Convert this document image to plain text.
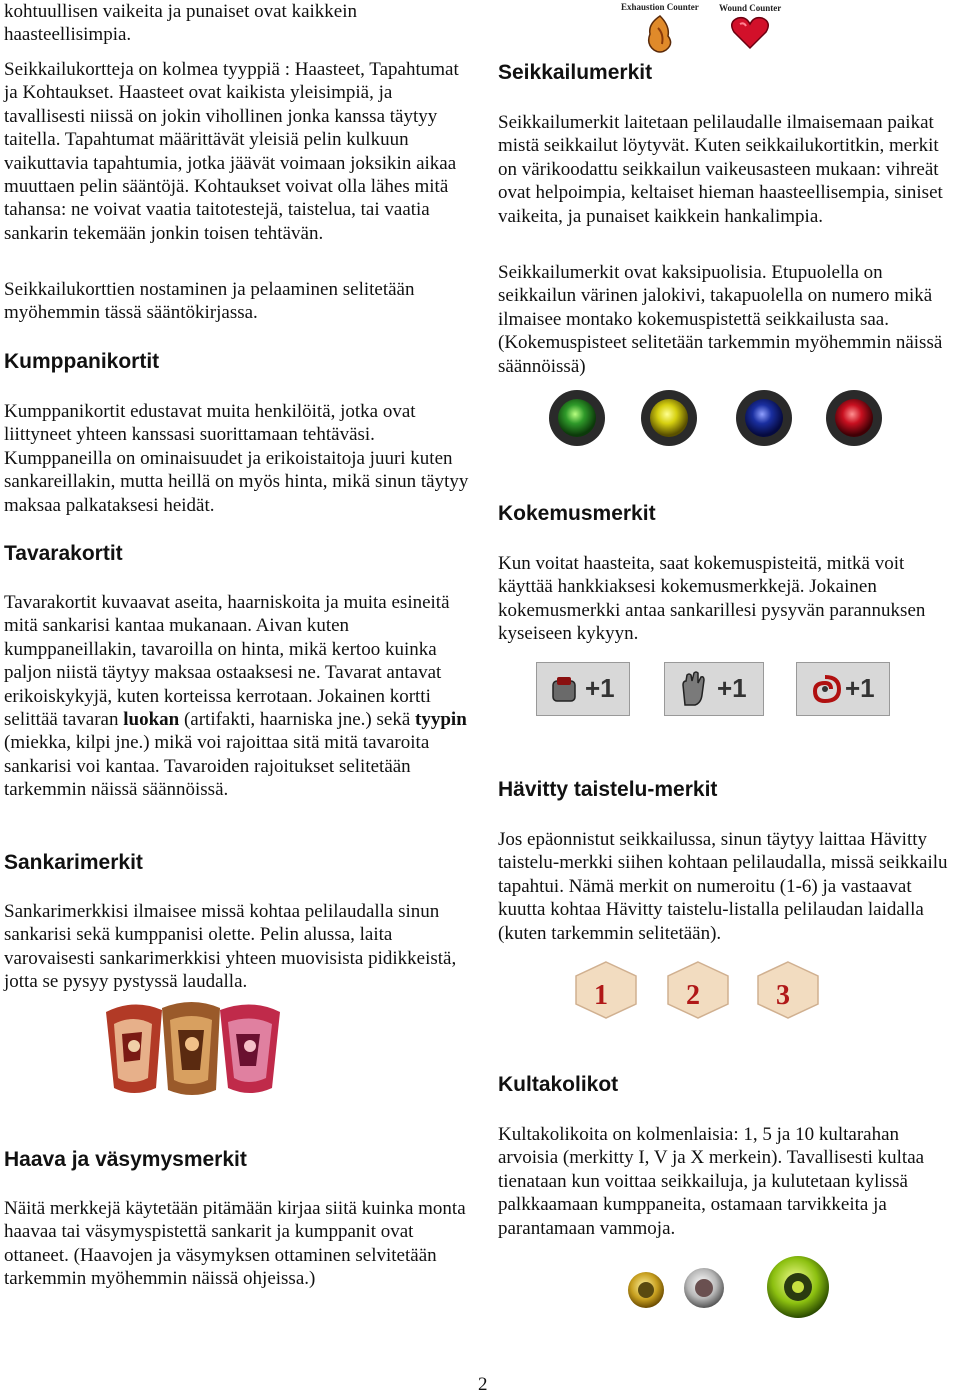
kohtuullisen vaikeita ja punaiset ovat kaikkein haasteellisimpia.

Seikkailukortteja on kolmea tyyppiä : Haasteet, Tapahtumat ja Kohtaukset. Haasteet ovat kaikista yleisimpiä, ja tavallisesti niissä on jokin vihollinen jonka kanssa täytyy taitella. Tapahtumat määrittävät yleisiä pelin kulkuun vaikuttavia tapahtumia, jotka jäävät voimaan joksikin aikaa muuttaen pelin sääntöjä. Kohtaukset voivat olla lähes mitä tahansa: ne voivat vaatia taitotestejä, taistelua, tai vaatia sankarin tekemään jonkin toisen tehtävän.

Seikkailukorttien nostaminen ja pelaaminen selitetään myöhemmin tässä sääntökirjassa.

Kumppanikortit

Kumppanikortit edustavat muita henkilöitä, jotka ovat liittyneet yhteen kanssasi suorittamaan tehtäväsi. Kumppaneilla on ominaisuudet ja erikoistaitoja juuri kuten sankareillakin, mutta heillä on myös hinta, mikä sinun täytyy maksaa palkataksesi heidät.

Tavarakortit

Tavarakortit kuvaavat aseita, haarniskoita ja muita esineitä mitä sankarisi kantaa mukanaan. Aivan kuten kumppaneillakin, tavaroilla on hinta, mikä kertoo kuinka paljon niistä täytyy maksaa ostaaksesi ne. Tavarat antavat erikoiskykyjä, kuten korteissa kerrotaan. Jokainen kortti selittää tavaran luokan (artifakti, haarniska jne.) sekä tyypin (miekka, kilpi jne.) mikä voi rajoittaa sitä mitä tavaroita sankarisi voi kantaa. Tavaroiden rajoitukset selitetään tarkemmin näissä säännöissä.

Sankarimerkit

Sankarimerkkisi ilmaisee missä kohtaa pelilaudalla sinun sankarisi sekä kumppanisi olette. Pelin alussa, laita varovaisesti sankarimerkkisi yhteen muovisista pidikkeistä, jotta se pysyy pystyssä laudalla.

Haava ja väsymysmerkit

Näitä merkkejä käytetään pitämään kirjaa siitä kuinka monta haavaa tai väsymyspistettä sankarit ja kumppanit ovat ottaneet. (Haavojen ja väsymyksen ottaminen selvitetään tarkemmin myöhemmin näissä ohjeissa.)

Exhaustion Counter Wound Counter
Seikkailumerkit

Seikkailumerkit laitetaan pelilaudalle ilmaisemaan paikat mistä seikkailut löytyvät. Kuten seikkailukortitkin, merkit on värikoodattu seikkailun vaikeusasteen mukaan: vihreät ovat helpoimpia, keltaiset hieman haasteellisempia, siniset vaikeita, ja punaiset kaikkein hankalimpia.

Seikkailumerkit ovat kaksipuolisia. Etupuolella on seikkailun värinen jalokivi, takapuolella on numero mikä ilmaisee montako kokemuspistettä seikkailusta saa. (Kokemuspisteet selitetään tarkemmin myöhemmin näissä säännöissä)

Kokemusmerkit

Kun voitat haasteita, saat kokemuspisteitä, mitkä voit käyttää hankkiaksesi kokemusmerkkejä. Jokainen kokemusmerkki antaa sankarillesi pysyvän parannuksen kyseiseen kykyyn.

+1	+1	+1
Hävitty taistelu-merkit

Jos epäonnistut seikkailussa, sinun täytyy laittaa Hävitty taistelu-merkki siihen kohtaan pelilaudalla, missä seikkailu tapahtui. Nämä merkit on numeroitu (1-6) ja vastaavat kuutta kohtaa Hävitty taistelu-listalla pelilaudan laidalla (kuten tarkemmin selitetään).

1	2	3
Kultakolikot

Kultakolikoita on kolmenlaisia: 1, 5 ja 10 kultarahan arvoisia (merkitty I, V ja X merkein). Tavallisesti kultaa tienataan kun voittaa seikkailuja, ja kulutetaan kylissä palkkaamaan kumppaneita, ostamaan tarvikkeita ja parantamaan vammoja.

2
